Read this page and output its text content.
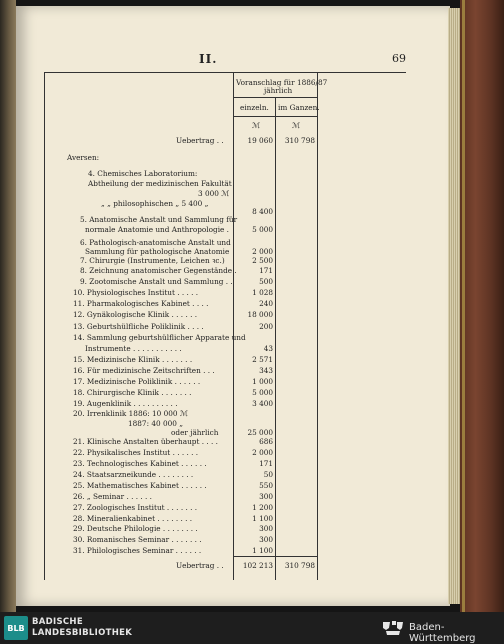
II.	69
Voranschlag für 1886/87
jährlich
einzeln. im Ganzen.
ℳ	ℳ
Uebertrag . .	19 060	310 798
Aversen:
4. Chemisches Laboratorium:
Abtheilung der medizinischen Fakultät
3 000 ℳ
„ „ philosophischen „ 5 400 „
8 400
5. Anatomische Anstalt und Sammlung für
normale Anatomie und Anthropologie .	5 000
6. Pathologisch-anatomische Anstalt und
Sammlung für pathologische Anatomie	2 000
7. Chirurgie (Instrumente, Leichen ꝛc.)	2 500
8. Zeichnung anatomischer Gegenstände .	171
9. Zootomische Anstalt und Sammlung . .	500
10. Physiologisches Institut . . . . .	1 028
11. Pharmakologisches Kabinet . . . .	240
12. Gynäkologische Klinik . . . . . .	18 000
13. Geburtshülfliche Poliklinik . . . .	200
14. Sammlung geburtshülflicher Apparate und
Instrumente . . . . . . . . . . .	43
15. Medizinische Klinik . . . . . . .	2 571
16. Für medizinische Zeitschriften . . .	343
17. Medizinische Poliklinik . . . . . .	1 000
18. Chirurgische Klinik . . . . . . .	5 000
19. Augenklinik . . . . . . . . . .	3 400
20. Irrenklinik 1886: 10 000 ℳ
1887: 40 000 „
oder jährlich	25 000
21. Klinische Anstalten überhaupt . . . .	686
22. Physikalisches Institut . . . . . .	2 000
23. Technologisches Kabinet . . . . . .	171
24. Staatsarzneikunde . . . . . . . .	50
25. Mathematisches Kabinet . . . . . .	550
26. „ Seminar . . . . . .	300
27. Zoologisches Institut . . . . . . .	1 200
28. Mineralienkabinet . . . . . . . .	1 100
29. Deutsche Philologie . . . . . . . .	300
30. Romanisches Seminar . . . . . . .	300
31. Philologisches Seminar . . . . . .	1 100
Uebertrag . .	102 213	310 798
BLB
BADISCHE
LANDESBIBLIOTHEK	Baden-Württemberg
